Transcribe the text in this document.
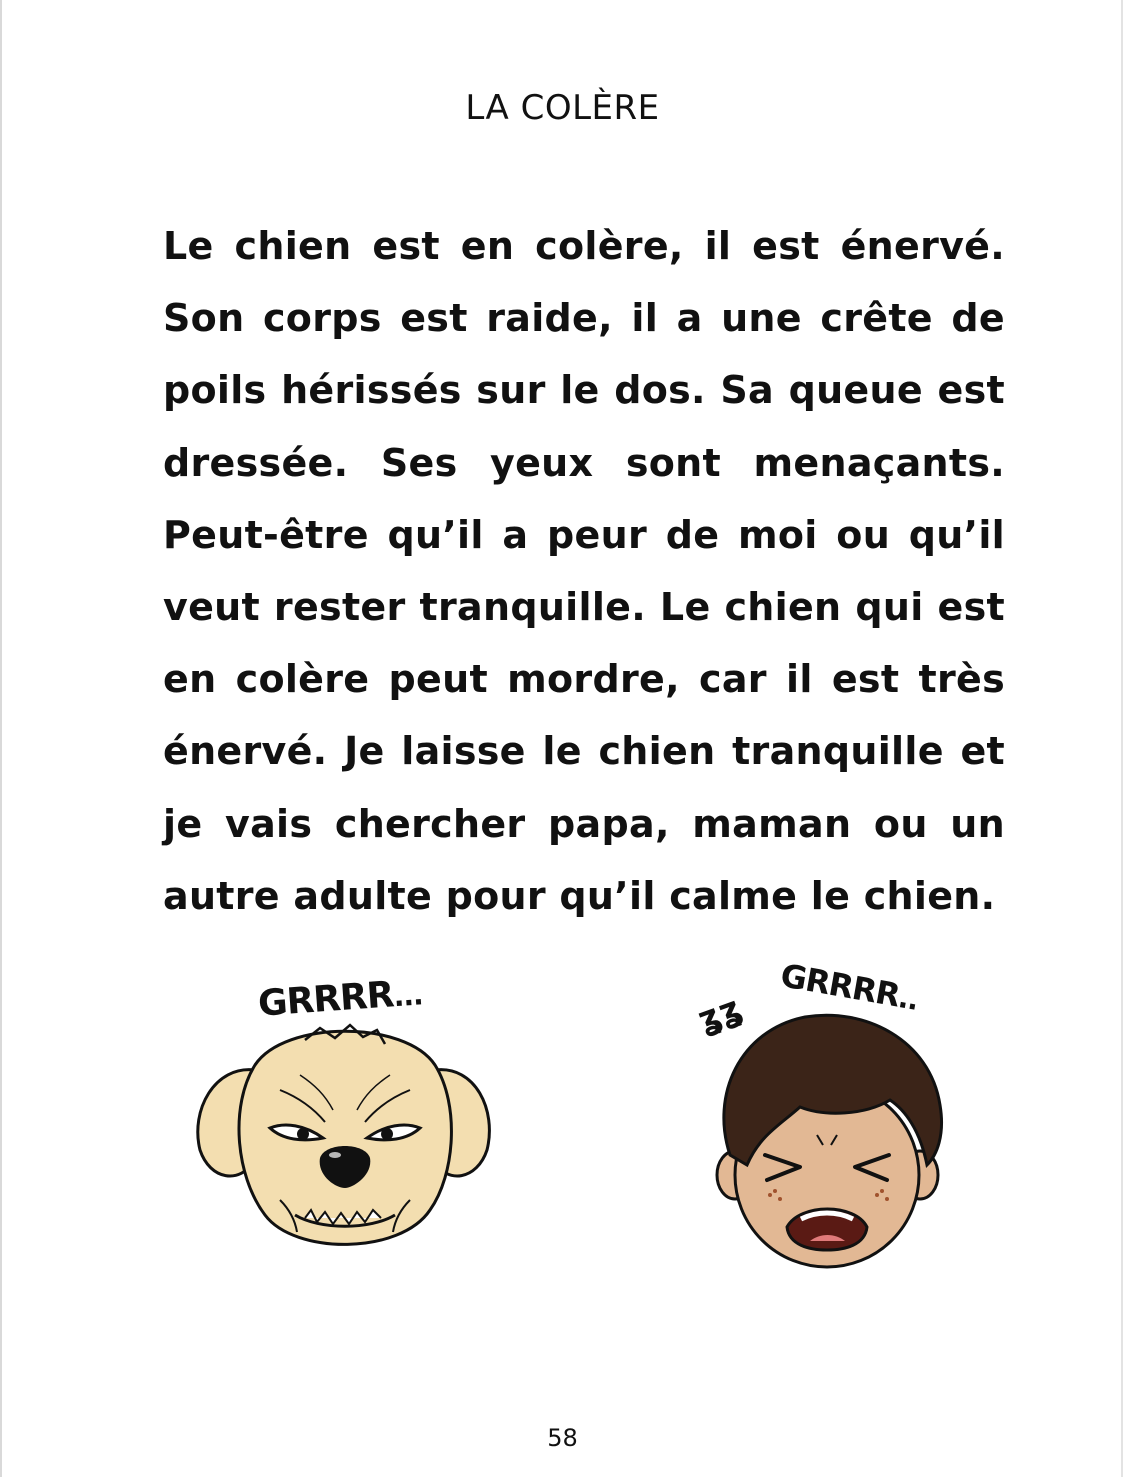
LA COLÈRE

Le chien est en colère, il est énervé. Son corps est raide, il a une crête de poils hérissés sur le dos. Sa queue est dressée. Ses yeux sont menaçants. Peut-être qu’il a peur de moi ou qu’il veut rester tranquille. Le chien qui est en colère peut mordre, car il est très énervé. Je laisse le chien tranquille et je vais chercher papa, maman ou un autre adulte pour qu’il calme le chien.

GRRRR...	ʓʓ GRRRR..
58
